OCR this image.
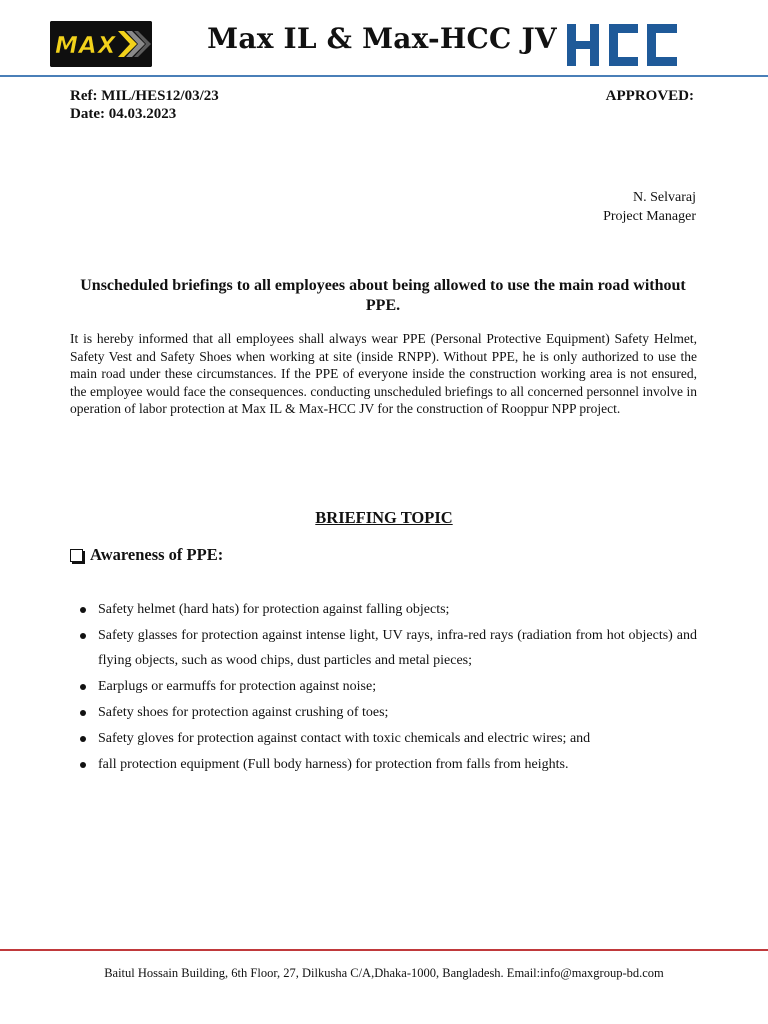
MAX	Max IL & Max-HCC JV
Ref: MIL/HES12/03/23
Date: 04.03.2023
APPROVED:
N. Selvaraj
Project Manager
Unscheduled briefings to all employees about being allowed to use the main road without PPE.

It is hereby informed that all employees shall always wear PPE (Personal Protective Equipment) Safety Helmet, Safety Vest and Safety Shoes when working at site (inside RNPP). Without PPE, he is only authorized to use the main road under these circumstances. If the PPE of everyone inside the construction working area is not ensured, the employee would face the consequences. conducting unscheduled briefings to all concerned personnel involve in operation of labor protection at Max IL & Max-HCC JV for the construction of Rooppur NPP project.

BRIEFING TOPIC
Awareness of PPE:
Safety helmet (hard hats) for protection against falling objects;
Safety glasses for protection against intense light, UV rays, infra-red rays (radiation from hot objects) and flying objects, such as wood chips, dust particles and metal pieces;
Earplugs or earmuffs for protection against noise;
Safety shoes for protection against crushing of toes;
Safety gloves for protection against contact with toxic chemicals and electric wires; and
fall protection equipment (Full body harness) for protection from falls from heights.
Baitul Hossain Building, 6th Floor, 27, Dilkusha C/A,Dhaka-1000, Bangladesh. Email:info@maxgroup-bd.com
